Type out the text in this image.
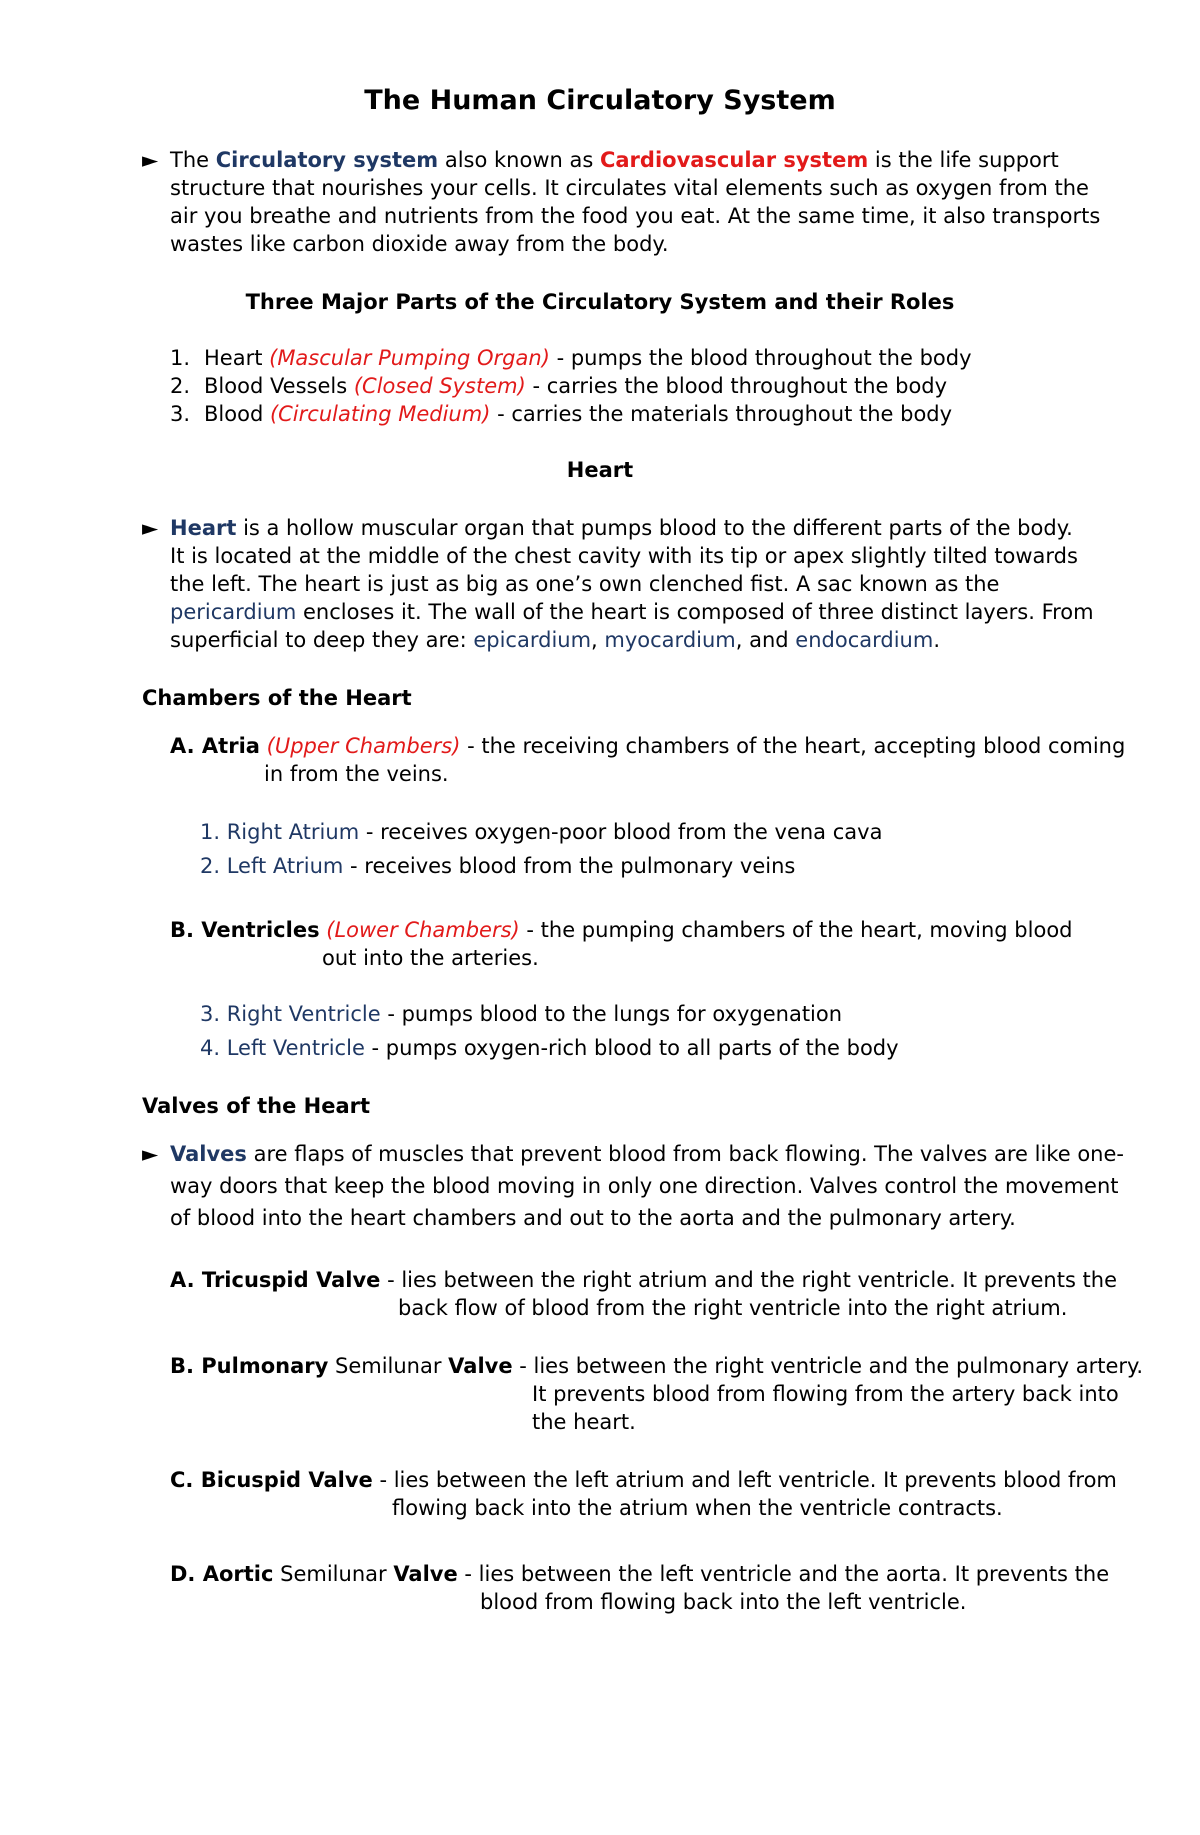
The Human Circulatory System
► The Circulatory system also known as Cardiovascular system is the life support
structure that nourishes your cells. It circulates vital elements such as oxygen from the
air you breathe and nutrients from the food you eat. At the same time, it also transports
wastes like carbon dioxide away from the body.
Three Major Parts of the Circulatory System and their Roles
1. Heart (Mascular Pumping Organ) - pumps the blood throughout the body
2. Blood Vessels (Closed System) - carries the blood throughout the body
3. Blood (Circulating Medium) - carries the materials throughout the body
Heart
► Heart is a hollow muscular organ that pumps blood to the different parts of the body.
It is located at the middle of the chest cavity with its tip or apex slightly tilted towards
the left. The heart is just as big as one’s own clenched fist. A sac known as the
pericardium encloses it. The wall of the heart is composed of three distinct layers. From
superficial to deep they are: epicardium, myocardium, and endocardium.
Chambers of the Heart
A. Atria (Upper Chambers) - the receiving chambers of the heart, accepting blood coming
in from the veins.
1. Right Atrium - receives oxygen-poor blood from the vena cava
2. Left Atrium - receives blood from the pulmonary veins
B. Ventricles (Lower Chambers) - the pumping chambers of the heart, moving blood
out into the arteries.
3. Right Ventricle - pumps blood to the lungs for oxygenation
4. Left Ventricle - pumps oxygen-rich blood to all parts of the body
Valves of the Heart
► Valves are flaps of muscles that prevent blood from back flowing. The valves are like one-
way doors that keep the blood moving in only one direction. Valves control the movement
of blood into the heart chambers and out to the aorta and the pulmonary artery.
A. Tricuspid Valve - lies between the right atrium and the right ventricle. It prevents the
back flow of blood from the right ventricle into the right atrium.
B. Pulmonary Semilunar Valve - lies between the right ventricle and the pulmonary artery.
It prevents blood from flowing from the artery back into
the heart.
C. Bicuspid Valve - lies between the left atrium and left ventricle. It prevents blood from
flowing back into the atrium when the ventricle contracts.
D. Aortic Semilunar Valve - lies between the left ventricle and the aorta. It prevents the
blood from flowing back into the left ventricle.
